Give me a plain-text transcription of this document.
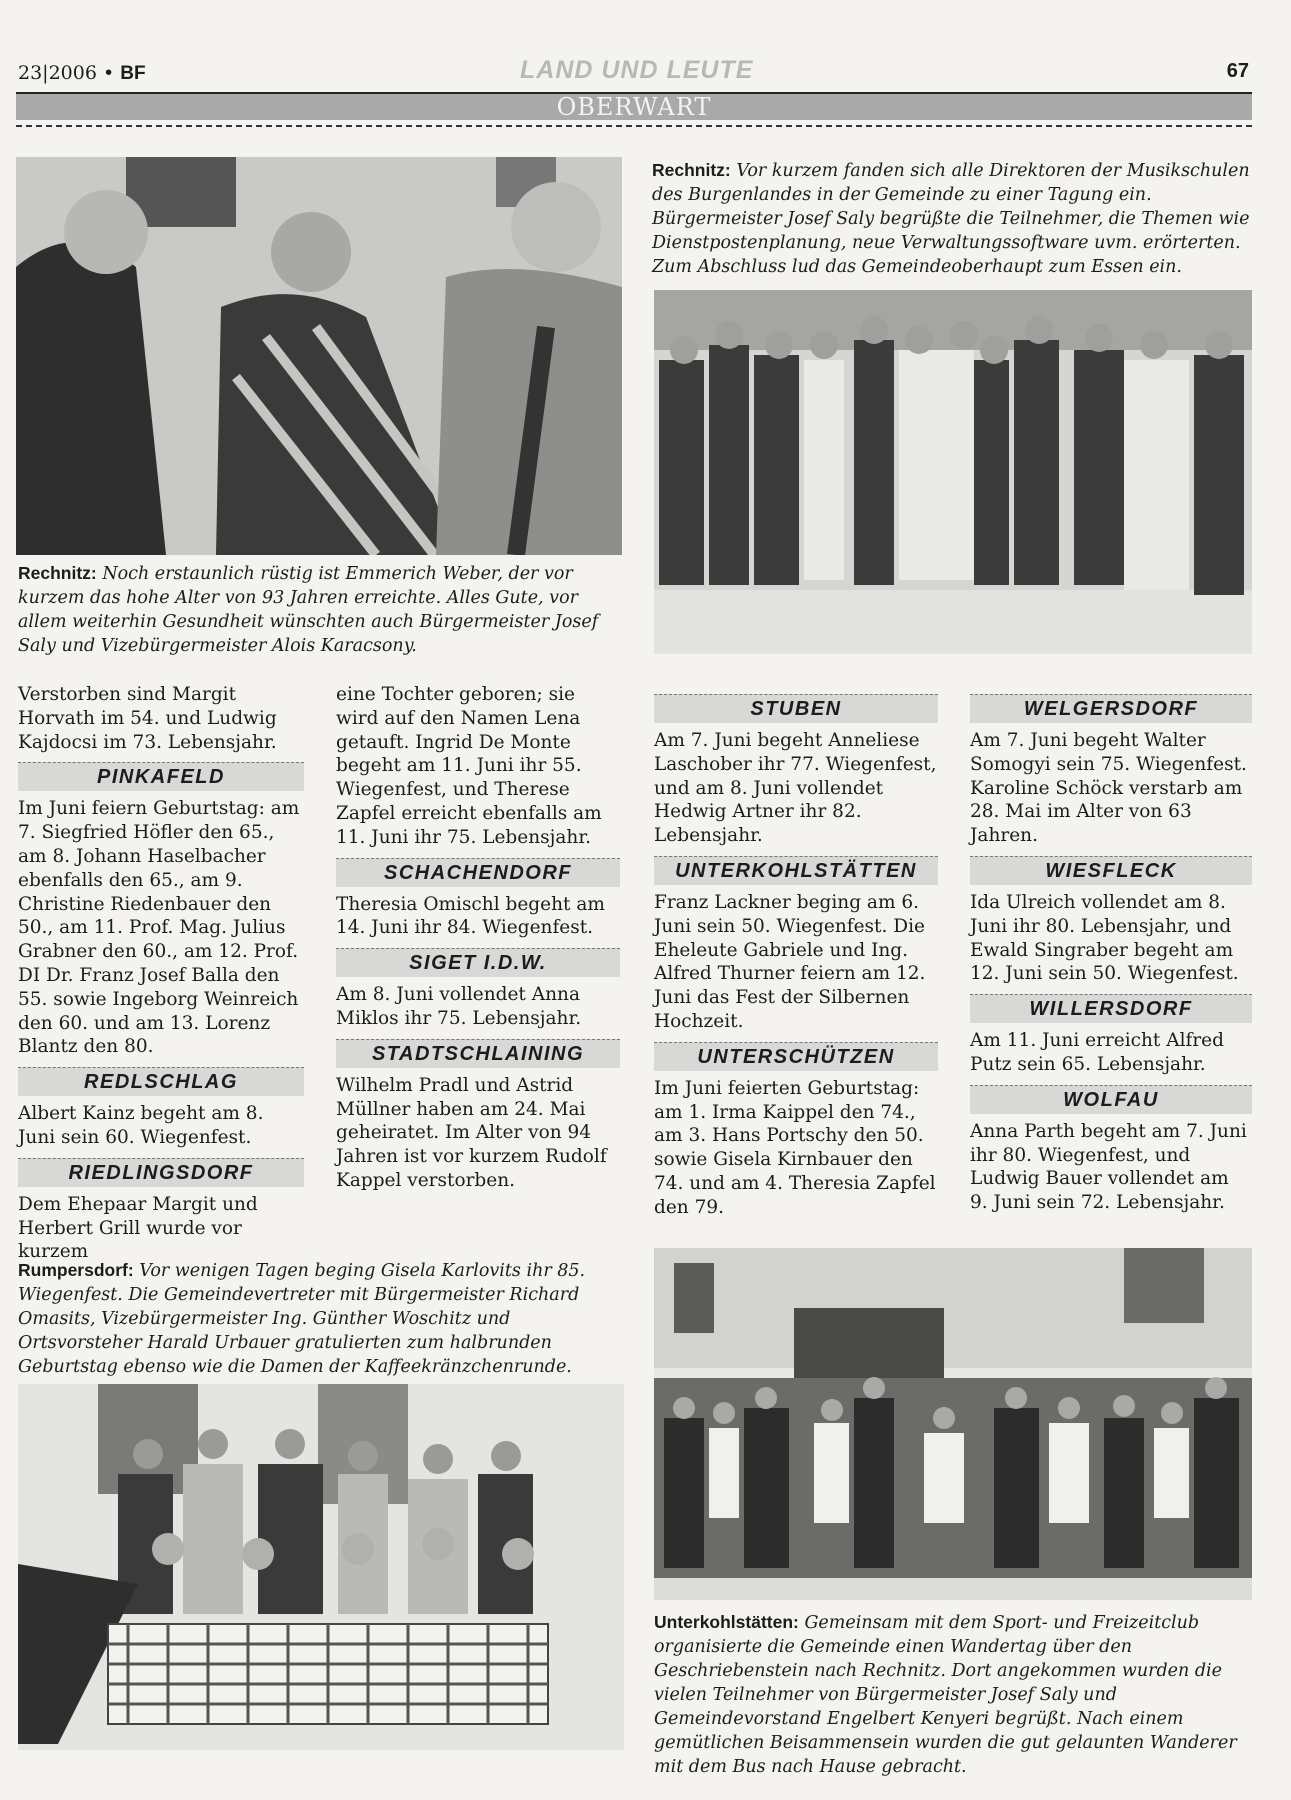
23|2006 • BF	LAND UND LEUTE	67
OBERWART
Rechnitz: Noch erstaunlich rüstig ist Emmerich Weber, der vor kurzem das hohe Alter von 93 Jahren erreichte. Alles Gute, vor allem weiterhin Gesundheit wünschten auch Bürgermeister Josef Saly und Vizebürgermeister Alois Karacsony.
Rechnitz: Vor kurzem fanden sich alle Direktoren der Musikschulen des Burgenlandes in der Gemeinde zu einer Tagung ein. Bürgermeister Josef Saly begrüßte die Teilnehmer, die Themen wie Dienstpostenplanung, neue Verwaltungssoftware uvm. erörterten. Zum Abschluss lud das Gemeindeoberhaupt zum Essen ein.

Verstorben sind Margit Horvath im 54. und Ludwig Kajdocsi im 73. Lebensjahr.

PINKAFELD

Im Juni feiern Geburtstag: am 7. Siegfried Höfler den 65., am 8. Johann Haselbacher ebenfalls den 65., am 9. Christine Riedenbauer den 50., am 11. Prof. Mag. Julius Grabner den 60., am 12. Prof. DI Dr. Franz Josef Balla den 55. sowie Ingeborg Weinreich den 60. und am 13. Lorenz Blantz den 80.

REDLSCHLAG

Albert Kainz begeht am 8. Juni sein 60. Wiegenfest.

RIEDLINGSDORF

Dem Ehepaar Margit und Herbert Grill wurde vor kurzem

eine Tochter geboren; sie wird auf den Namen Lena getauft. Ingrid De Monte begeht am 11. Juni ihr 55. Wiegenfest, und Therese Zapfel erreicht ebenfalls am 11. Juni ihr 75. Lebensjahr.

SCHACHENDORF

Theresia Omischl begeht am 14. Juni ihr 84. Wiegenfest.

SIGET I.D.W.

Am 8. Juni vollendet Anna Miklos ihr 75. Lebensjahr.

STADTSCHLAINING

Wilhelm Pradl und Astrid Müllner haben am 24. Mai geheiratet. Im Alter von 94 Jahren ist vor kurzem Rudolf Kappel verstorben.

STUBEN

Am 7. Juni begeht Anneliese Laschober ihr 77. Wiegenfest, und am 8. Juni vollendet Hedwig Artner ihr 82. Lebensjahr.

UNTERKOHLSTÄTTEN

Franz Lackner beging am 6. Juni sein 50. Wiegenfest. Die Eheleute Gabriele und Ing. Alfred Thurner feiern am 12. Juni das Fest der Silbernen Hochzeit.

UNTERSCHÜTZEN

Im Juni feierten Geburtstag: am 1. Irma Kaippel den 74., am 3. Hans Portschy den 50. sowie Gisela Kirnbauer den 74. und am 4. Theresia Zapfel den 79.

WELGERSDORF

Am 7. Juni begeht Walter Somogyi sein 75. Wiegenfest. Karoline Schöck verstarb am 28. Mai im Alter von 63 Jahren.

WIESFLECK

Ida Ulreich vollendet am 8. Juni ihr 80. Lebensjahr, und Ewald Singraber begeht am 12. Juni sein 50. Wiegenfest.

WILLERSDORF

Am 11. Juni erreicht Alfred Putz sein 65. Lebensjahr.

WOLFAU

Anna Parth begeht am 7. Juni ihr 80. Wiegenfest, und Ludwig Bauer vollendet am 9. Juni sein 72. Lebensjahr.

Rumpersdorf: Vor wenigen Tagen beging Gisela Karlovits ihr 85. Wiegenfest. Die Gemeindevertreter mit Bürgermeister Richard Omasits, Vizebürgermeister Ing. Günther Woschitz und Ortsvorsteher Harald Urbauer gratulierten zum halbrunden Geburtstag ebenso wie die Damen der Kaffeekränzchenrunde.
Unterkohlstätten: Gemeinsam mit dem Sport- und Freizeitclub organisierte die Gemeinde einen Wandertag über den Geschriebenstein nach Rechnitz. Dort angekommen wurden die vielen Teilnehmer von Bürgermeister Josef Saly und Gemeindevorstand Engelbert Kenyeri begrüßt. Nach einem gemütlichen Beisammensein wurden die gut gelaunten Wanderer mit dem Bus nach Hause gebracht.
